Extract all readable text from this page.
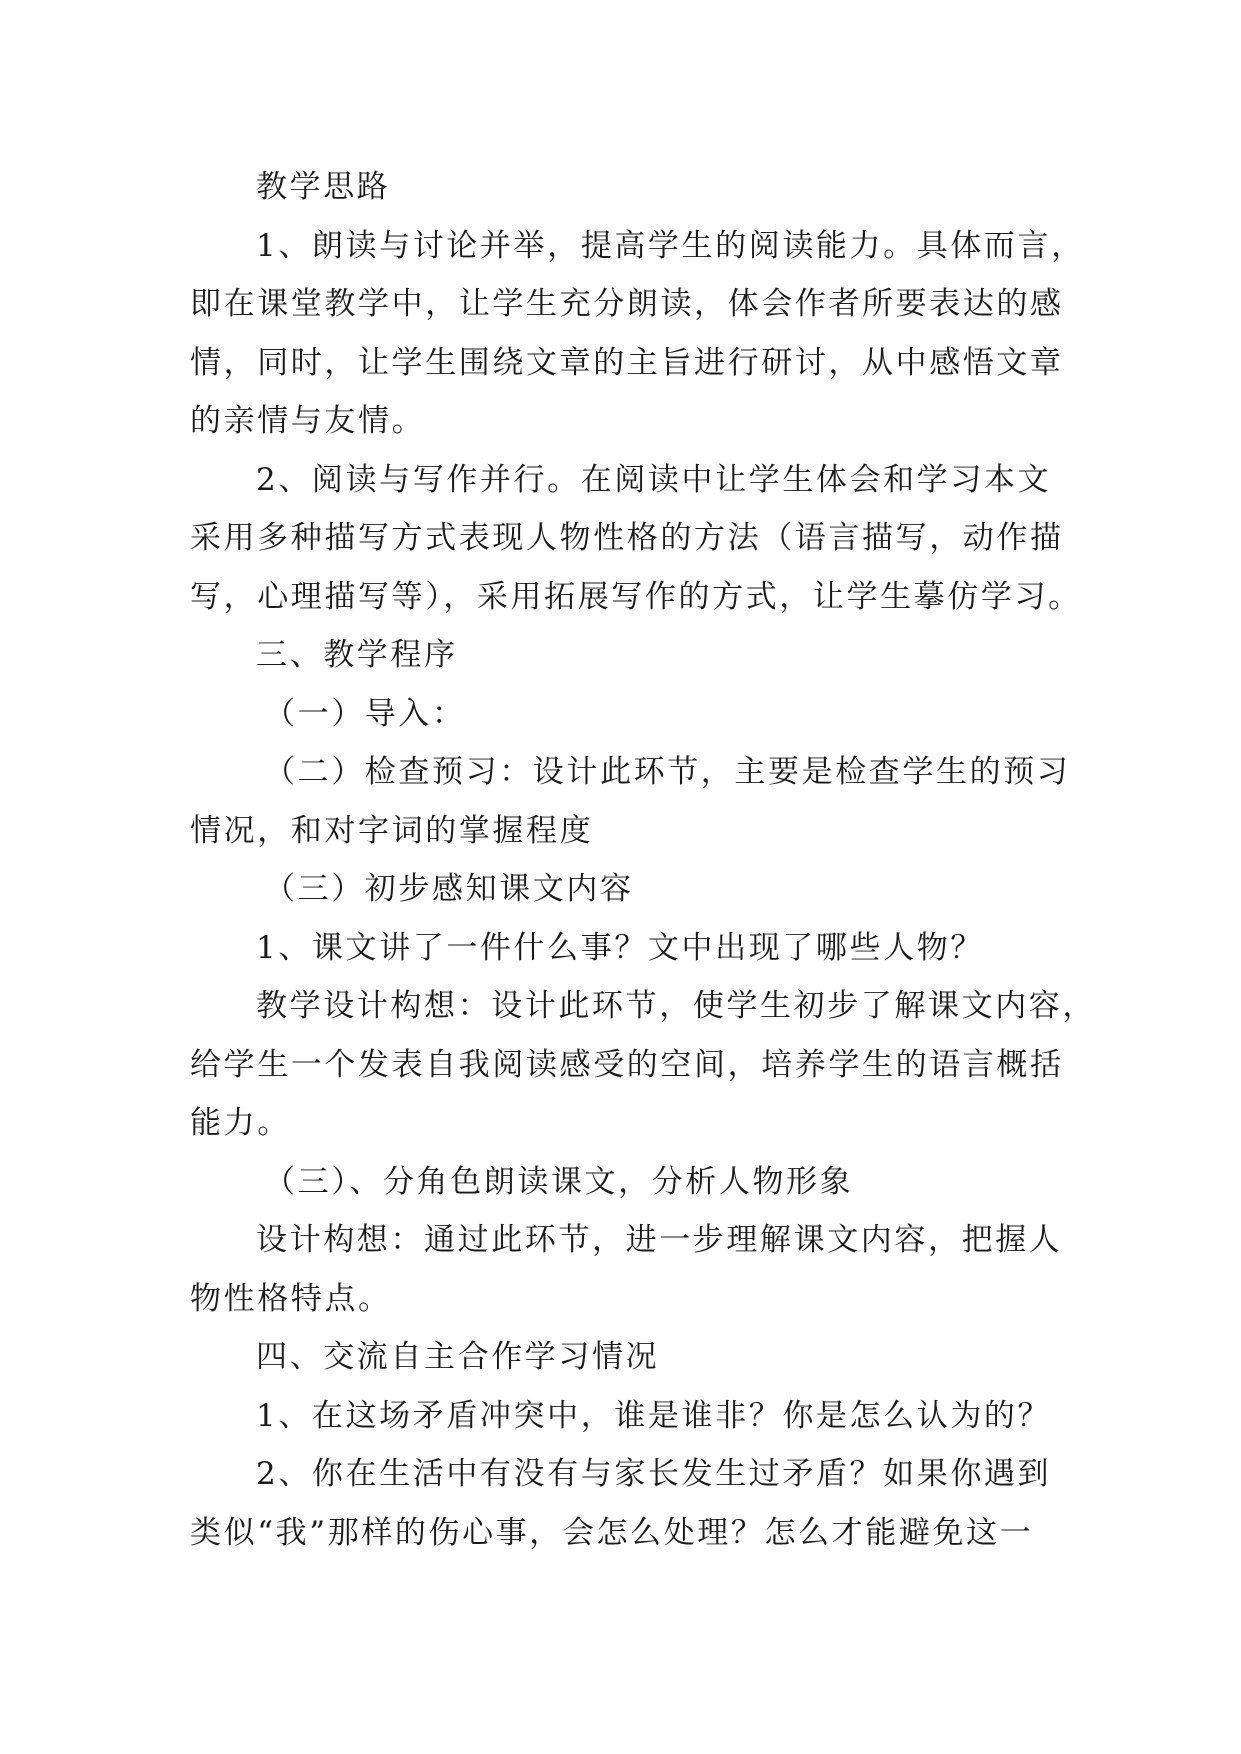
教学思路
1、朗读与讨论并举，提高学生的阅读能力。具体而言，
即在课堂教学中，让学生充分朗读，体会作者所要表达的感
情，同时，让学生围绕文章的主旨进行研讨，从中感悟文章
的亲情与友情。
2、阅读与写作并行。在阅读中让学生体会和学习本文
采用多种描写方式表现人物性格的方法（语言描写，动作描
写，心理描写等），采用拓展写作的方式，让学生摹仿学习。
三、教学程序
（一）导入：
（二）检查预习：设计此环节，主要是检查学生的预习
情况，和对字词的掌握程度
（三）初步感知课文内容
1、课文讲了一件什么事？文中出现了哪些人物？
教学设计构想：设计此环节，使学生初步了解课文内容，
给学生一个发表自我阅读感受的空间，培养学生的语言概括
能力。
（三）、分角色朗读课文，分析人物形象
设计构想：通过此环节，进一步理解课文内容，把握人
物性格特点。
四、交流自主合作学习情况
1、在这场矛盾冲突中，谁是谁非？你是怎么认为的？
2、你在生活中有没有与家长发生过矛盾？如果你遇到
类似“我”那样的伤心事，会怎么处理？怎么才能避免这一
